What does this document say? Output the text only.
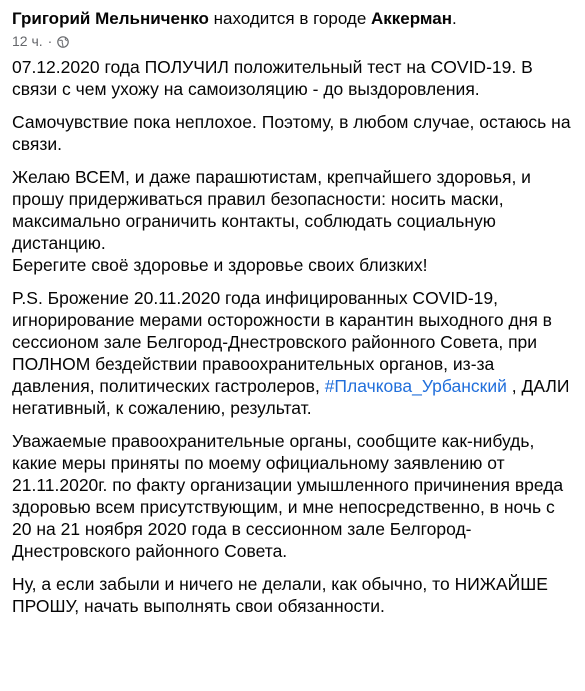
Григорий Мельниченко находится в городе Аккерман.
12 ч. ·

07.12.2020 года ПОЛУЧИЛ положительный тест на COVID-19. В связи с чем ухожу на самоизоляцию - до выздоровления.

Самочувствие пока неплохое. Поэтому, в любом случае, остаюсь на связи.

Желаю ВСЕМ, и даже парашютистам, крепчайшего здоровья, и прошу придерживаться правил безопасности: носить маски, максимально ограничить контакты, соблюдать социальную дистанцию.
Берегите своё здоровье и здоровье своих близких!

P.S. Брожение 20.11.2020 года инфицированных COVID-19, игнорирование мерами осторожности в карантин выходного дня в сессионом зале Белгород-Днестровского районного Совета, при ПОЛНОМ бездействии правоохранительных органов, из-за давления, политических гастролеров, #Плачкова_Урбанский , ДАЛИ негативный, к сожалению, результат.

Уважаемые правоохранительные органы, сообщите как-нибудь, какие меры приняты по моему официальному заявлению от 21.11.2020г. по факту организации умышленного причинения вреда здоровью всем присутствующим, и мне непосредственно, в ночь с 20 на 21 ноября 2020 года в сессионном зале Белгород-Днестровского районного Совета.

Ну, а если забыли и ничего не делали, как обычно, то НИЖАЙШЕ ПРОШУ, начать выполнять свои обязанности.
